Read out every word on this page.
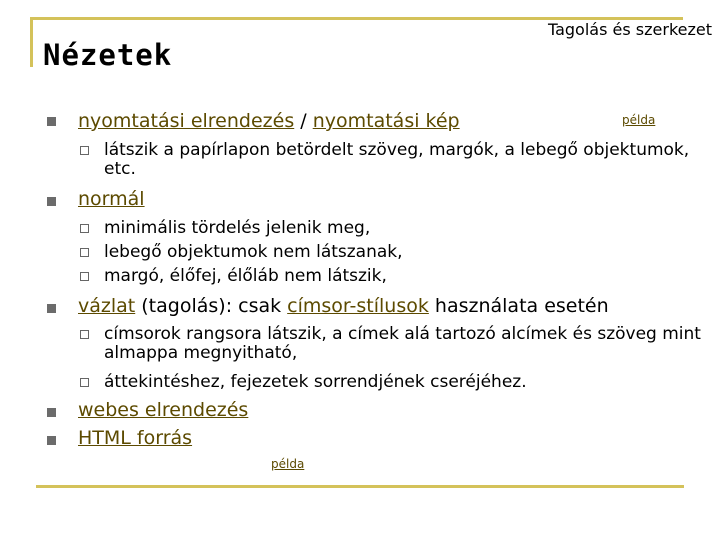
Tagolás és szerkezet
Nézetek
nyomtatási elrendezés / nyomtatási kép	példa
látszik a papírlapon betördelt szöveg, margók, a lebegő objektumok, etc.
normál
minimális tördelés jelenik meg,
lebegő objektumok nem látszanak,
margó, élőfej, élőláb nem látszik,
vázlat (tagolás): csak címsor-stílusok használata esetén
címsorok rangsora látszik, a címek alá tartozó alcímek és szöveg mint almappa megnyitható,
áttekintéshez, fejezetek sorrendjének cseréjéhez.
webes elrendezés
HTML forrás
példa
